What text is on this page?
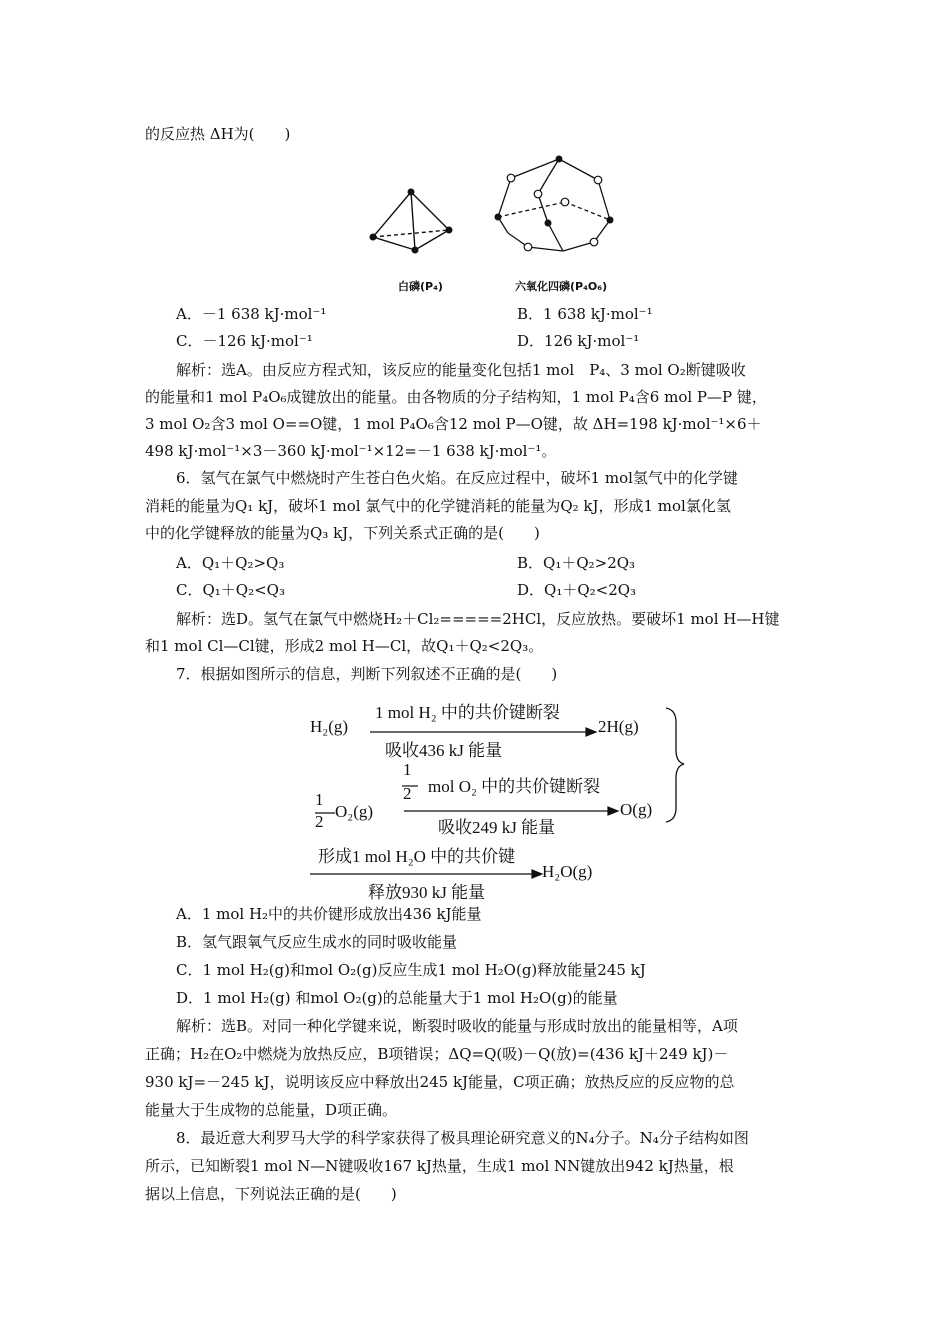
的反应热 ΔH为(　　)
白磷(P₄)	六氧化四磷(P₄O₆)
A．－1 638 kJ·mol⁻¹	B．1 638 kJ·mol⁻¹
C．－126 kJ·mol⁻¹	D．126 kJ·mol⁻¹
解析：选A。由反应方程式知，该反应的能量变化包括1 mol　P₄、3 mol O₂断键吸收
的能量和1 mol P₄O₆成键放出的能量。由各物质的分子结构知，1 mol P₄含6 mol P—P 键，
3 mol O₂含3 mol O==O键，1 mol P₄O₆含12 mol P—O键，故 ΔH=198 kJ·mol⁻¹×6＋
498 kJ·mol⁻¹×3－360 kJ·mol⁻¹×12=－1 638 kJ·mol⁻¹。
6．氢气在氯气中燃烧时产生苍白色火焰。在反应过程中，破坏1 mol氢气中的化学键
消耗的能量为Q₁ kJ，破坏1 mol 氯气中的化学键消耗的能量为Q₂ kJ，形成1 mol氯化氢
中的化学键释放的能量为Q₃ kJ，下列关系式正确的是(　　)
A．Q₁＋Q₂>Q₃	B．Q₁＋Q₂>2Q₃
C．Q₁＋Q₂<Q₃	D．Q₁＋Q₂<2Q₃
解析：选D。氢气在氯气中燃烧H₂＋Cl₂=====2HCl，反应放热。要破坏1 mol H—H键
和1 mol Cl—Cl键，形成2 mol H—Cl，故Q₁＋Q₂<2Q₃。
7．根据如图所示的信息，判断下列叙述不正确的是(　　)
H₂(g)
1 mol H₂ 中的共价键断裂
吸收436 kJ 能量
2H(g)
1
2
O₂(g)
1
2 mol O₂ 中的共价键断裂
吸收249 kJ 能量
O(g)
形成1 mol H₂O 中的共价键
释放930 kJ 能量
H₂O(g)
A．1 mol H₂中的共价键形成放出436 kJ能量
B．氢气跟氧气反应生成水的同时吸收能量
C．1 mol H₂(g)和mol O₂(g)反应生成1 mol H₂O(g)释放能量245 kJ
D．1 mol H₂(g) 和mol O₂(g)的总能量大于1 mol H₂O(g)的能量
解析：选B。对同一种化学键来说，断裂时吸收的能量与形成时放出的能量相等，A项
正确；H₂在O₂中燃烧为放热反应，B项错误；ΔQ=Q(吸)－Q(放)=(436 kJ＋249 kJ)－
930 kJ=－245 kJ，说明该反应中释放出245 kJ能量，C项正确；放热反应的反应物的总
能量大于生成物的总能量，D项正确。
8．最近意大利罗马大学的科学家获得了极具理论研究意义的N₄分子。N₄分子结构如图
所示，已知断裂1 mol N—N键吸收167 kJ热量，生成1 mol NN键放出942 kJ热量，根
据以上信息，下列说法正确的是(　　)
